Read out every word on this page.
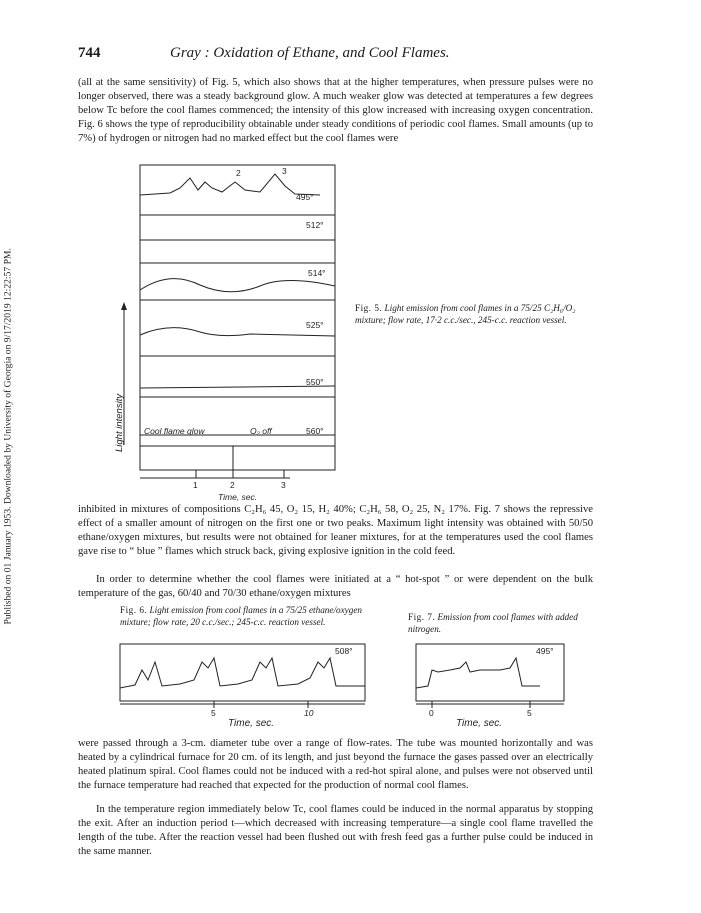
Published on 01 January 1953. Downloaded by University of Georgia on 9/17/2019 12:22:57 PM.
744	Gray : Oxidation of Ethane, and Cool Flames.
(all at the same sensitivity) of Fig. 5, which also shows that at the higher temperatures, when pressure pulses were no longer observed, there was a steady background glow. A much weaker glow was detected at temperatures a few degrees below Tc before the cool flames commenced; the intensity of this glow increased with increasing oxygen concentration. Fig. 6 shows the type of reproducibility obtainable under steady conditions of periodic cool flames. Small amounts (up to 7%) of hydrogen or nitrogen had no marked effect but the cool flames were
495°
512°
514°
525°
550°
560°
2	3
Cool flame glow	O₂ off
1	2	3
Time, sec.
Light intensity
Fig. 5. Light emission from cool flames in a 75/25 C₂H₆/O₂ mixture; flow rate, 17·2 c.c./sec., 245-c.c. reaction vessel.
inhibited in mixtures of compositions C₂H₆ 45, O₂ 15, H₂ 40%; C₂H₆ 58, O₂ 25, N₂ 17%. Fig. 7 shows the repressive effect of a smaller amount of nitrogen on the first one or two peaks. Maximum light intensity was obtained with 50/50 ethane/oxygen mixtures, but results were not obtained for leaner mixtures, for at the temperatures used the cool flames gave rise to “ blue ” flames which struck back, giving explosive ignition in the cold feed.
In order to determine whether the cool flames were initiated at a “ hot-spot ” or were dependent on the bulk temperature of the gas, 60/40 and 70/30 ethane/oxygen mixtures
Fig. 6. Light emission from cool flames in a 75/25 ethane/oxygen mixture; flow rate, 20 c.c./sec.; 245-c.c. reaction vessel.
508°
5	10
Time, sec.
Fig. 7. Emission from cool flames with added nitrogen.
495°
0	5
Time, sec.
were passed through a 3-cm. diameter tube over a range of flow-rates. The tube was mounted horizontally and was heated by a cylindrical furnace for 20 cm. of its length, and just beyond the furnace the gases passed over an electrically heated platinum spiral. Cool flames could not be induced with a red-hot spiral alone, and pulses were not observed until the furnace temperature had reached that expected for the production of normal cool flames.
In the temperature region immediately below Tc, cool flames could be induced in the normal apparatus by stopping the exit. After an induction period t—which decreased with increasing temperature—a single cool flame travelled the length of the tube. After the reaction vessel had been flushed out with fresh feed gas a further pulse could be induced in the same manner.
